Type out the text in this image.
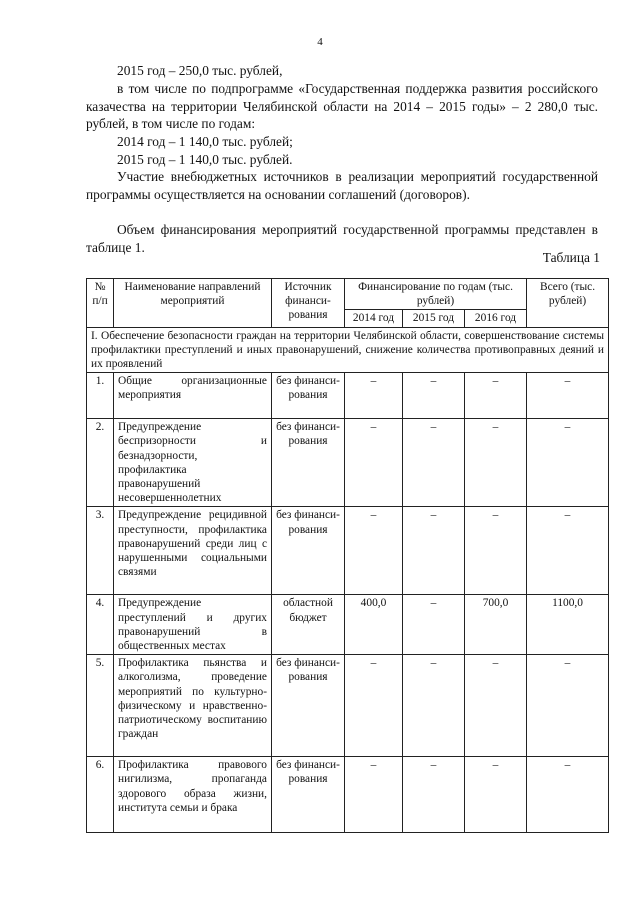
4

2015 год – 250,0 тыс. рублей,

в том числе по подпрограмме «Государственная поддержка развития российского казачества на территории Челябинской области на 2014 – 2015 годы» – 2 280,0 тыс. рублей, в том числе по годам:

2014 год – 1 140,0 тыс. рублей;

2015 год – 1 140,0 тыс. рублей.

Участие внебюджетных источников в реализации мероприятий государственной программы осуществляется на основании соглашений (договоров).

Объем финансирования мероприятий государственной программы представлен в таблице 1.

Таблица 1
№ п/п	Наименование направлений мероприятий	Источник финанси-рования	Финансирование по годам (тыс. рублей)			Всего (тыс. рублей)
			2014 год	2015 год	2016 год	
I. Обеспечение безопасности граждан на территории Челябинской области, совершенствование системы профилактики преступлений и иных правонарушений, снижение количества противоправных деяний и их проявлений						
1.	Общие организационные мероприятия	без финанси-рования	–	–	–	–
2.	Предупреждение беспризорности и безнадзорности, профилактика правонарушений несовершеннолетних	без финанси-рования	–	–	–	–
3.	Предупреждение рецидивной преступности, профилактика правонарушений среди лиц с нарушенными социальными связями	без финанси-рования	–	–	–	–
4.	Предупреждение преступлений и других правонарушений в общественных местах	областной бюджет	400,0	–	700,0	1100,0
5.	Профилактика пьянства и алкоголизма, проведение мероприятий по культурно-физическому и нравственно-патриотическому воспитанию граждан	без финанси-рования	–	–	–	–
6.	Профилактика правового нигилизма, пропаганда здорового образа жизни, института семьи и брака	без финанси-рования	–	–	–	–
